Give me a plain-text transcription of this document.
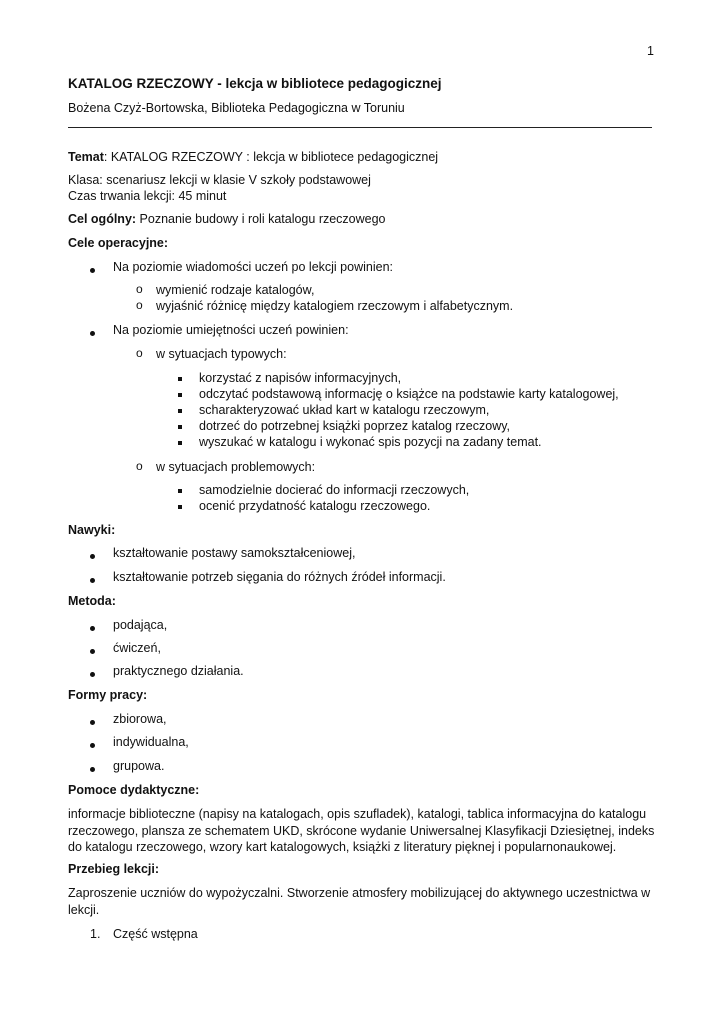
1
KATALOG RZECZOWY - lekcja w bibliotece pedagogicznej
Bożena Czyż-Bortowska, Biblioteka Pedagogiczna w Toruniu
Temat: KATALOG RZECZOWY : lekcja w bibliotece pedagogicznej
Klasa: scenariusz lekcji w klasie V szkoły podstawowej
Czas trwania lekcji: 45 minut
Cel ogólny: Poznanie budowy i roli katalogu rzeczowego
Cele operacyjne:
Na poziomie wiadomości uczeń po lekcji powinien:
o wymienić rodzaje katalogów,
o wyjaśnić różnicę między katalogiem rzeczowym i alfabetycznym.
Na poziomie umiejętności uczeń powinien:
o w sytuacjach typowych:
korzystać z napisów informacyjnych,
odczytać podstawową informację o książce na podstawie karty katalogowej,
scharakteryzować układ kart w katalogu rzeczowym,
dotrzeć do potrzebnej książki poprzez katalog rzeczowy,
wyszukać w katalogu i wykonać spis pozycji na zadany temat.
o w sytuacjach problemowych:
samodzielnie docierać do informacji rzeczowych,
ocenić przydatność katalogu rzeczowego.
Nawyki:
kształtowanie postawy samokształceniowej,
kształtowanie potrzeb sięgania do różnych źródeł informacji.
Metoda:
podająca,
ćwiczeń,
praktycznego działania.
Formy pracy:
zbiorowa,
indywidualna,
grupowa.
Pomoce dydaktyczne:
informacje biblioteczne (napisy na katalogach, opis szufladek), katalogi, tablica informacyjna do katalogu rzeczowego, plansza ze schematem UKD, skrócone wydanie Uniwersalnej Klasyfikacji Dziesiętnej, indeks do katalogu rzeczowego, wzory kart katalogowych, książki z literatury pięknej i popularnonaukowej.
Przebieg lekcji:
Zaproszenie uczniów do wypożyczalni. Stworzenie atmosfery mobilizującej do aktywnego uczestnictwa w lekcji.
1. Część wstępna
